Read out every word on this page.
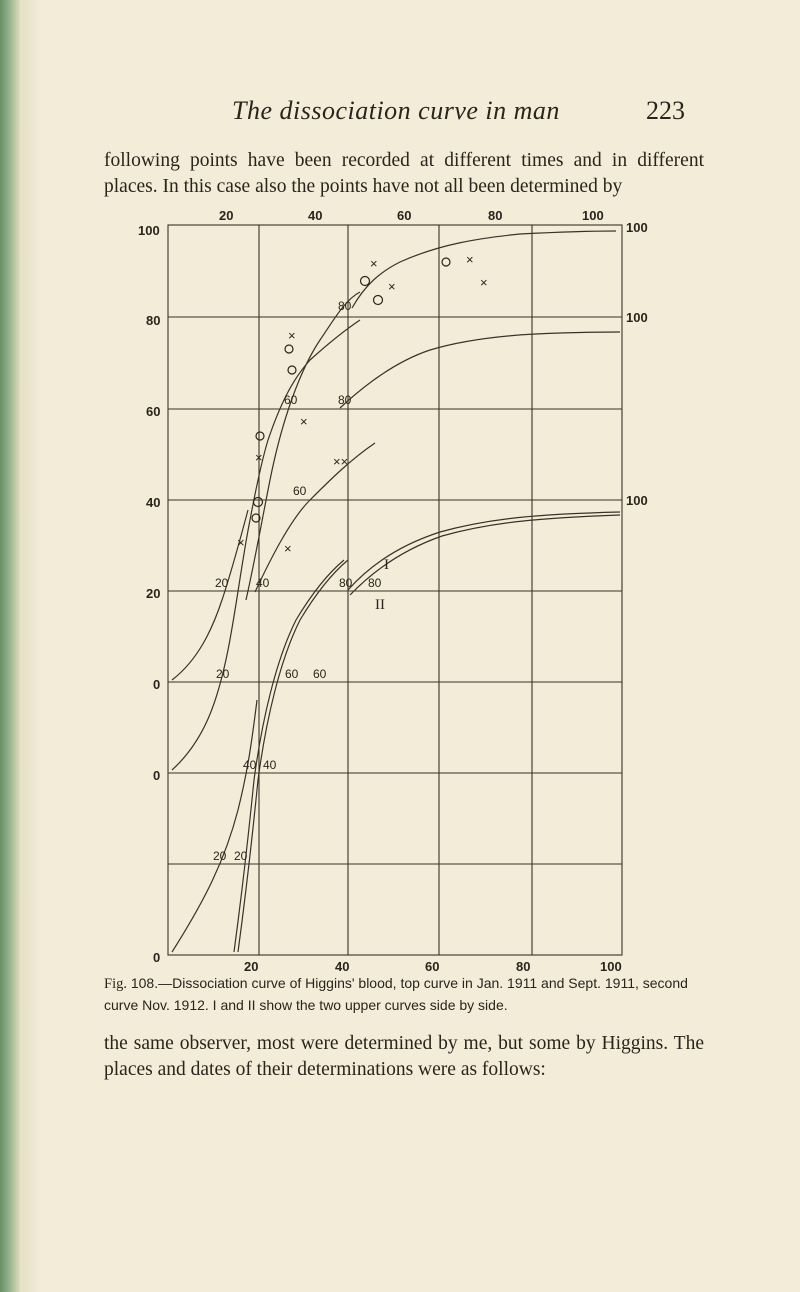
The dissociation curve in man	223
following points have been recorded at different times and in different places. In this case also the points have not all been determined by
20	40	60	80	100
20	40	60	80	100
100
80
60
40
20
0
0
0
100
100
100
80
60	80
60
20 40	80 80
20	60 60
40 40
20 20
I
II
×
×	×
×
×
×	××
×	×
×
Fig. 108.—Dissociation curve of Higgins' blood, top curve in Jan. 1911 and Sept. 1911, second curve Nov. 1912. I and II show the two upper curves side by side.
the same observer, most were determined by me, but some by Higgins. The places and dates of their determinations were as follows:
